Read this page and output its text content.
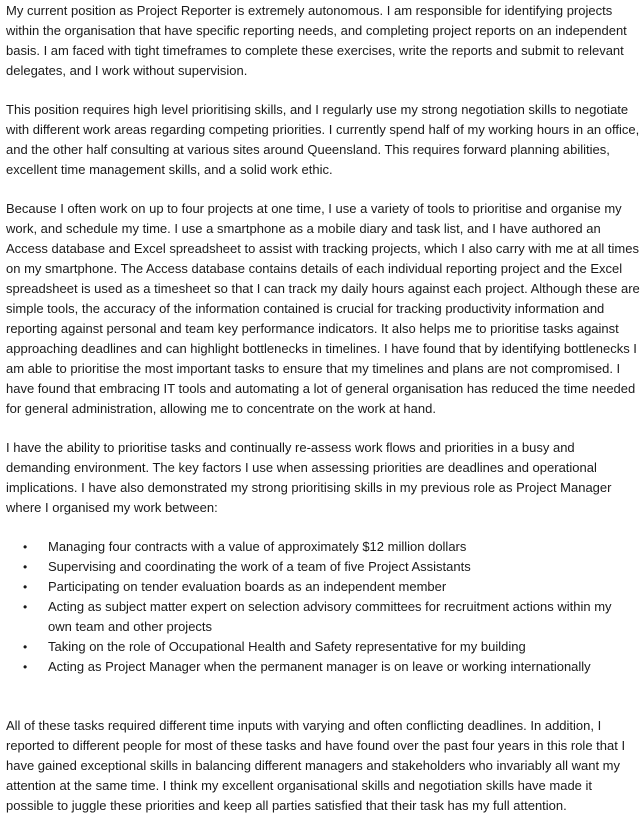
My current position as Project Reporter is extremely autonomous. I am responsible for identifying projects
within the organisation that have specific reporting needs, and completing project reports on an independent
basis. I am faced with tight timeframes to complete these exercises, write the reports and submit to relevant
delegates, and I work without supervision.

This position requires high level prioritising skills, and I regularly use my strong negotiation skills to negotiate
with different work areas regarding competing priorities. I currently spend half of my working hours in an office,
and the other half consulting at various sites around Queensland. This requires forward planning abilities,
excellent time management skills, and a solid work ethic.

Because I often work on up to four projects at one time, I use a variety of tools to prioritise and organise my
work, and schedule my time. I use a smartphone as a mobile diary and task list, and I have authored an
Access database and Excel spreadsheet to assist with tracking projects, which I also carry with me at all times
on my smartphone. The Access database contains details of each individual reporting project and the Excel
spreadsheet is used as a timesheet so that I can track my daily hours against each project. Although these are
simple tools, the accuracy of the information contained is crucial for tracking productivity information and
reporting against personal and team key performance indicators. It also helps me to prioritise tasks against
approaching deadlines and can highlight bottlenecks in timelines. I have found that by identifying bottlenecks I
am able to prioritise the most important tasks to ensure that my timelines and plans are not compromised. I
have found that embracing IT tools and automating a lot of general organisation has reduced the time needed
for general administration, allowing me to concentrate on the work at hand.

I have the ability to prioritise tasks and continually re-assess work flows and priorities in a busy and
demanding environment. The key factors I use when assessing priorities are deadlines and operational
implications. I have also demonstrated my strong prioritising skills in my previous role as Project Manager
where I organised my work between:

• Managing four contracts with a value of approximately $12 million dollars
• Supervising and coordinating the work of a team of five Project Assistants
• Participating on tender evaluation boards as an independent member
• Acting as subject matter expert on selection advisory committees for recruitment actions within my
own team and other projects
• Taking on the role of Occupational Health and Safety representative for my building
• Acting as Project Manager when the permanent manager is on leave or working internationally

All of these tasks required different time inputs with varying and often conflicting deadlines. In addition, I
reported to different people for most of these tasks and have found over the past four years in this role that I
have gained exceptional skills in balancing different managers and stakeholders who invariably all want my
attention at the same time. I think my excellent organisational skills and negotiation skills have made it
possible to juggle these priorities and keep all parties satisfied that their task has my full attention.
